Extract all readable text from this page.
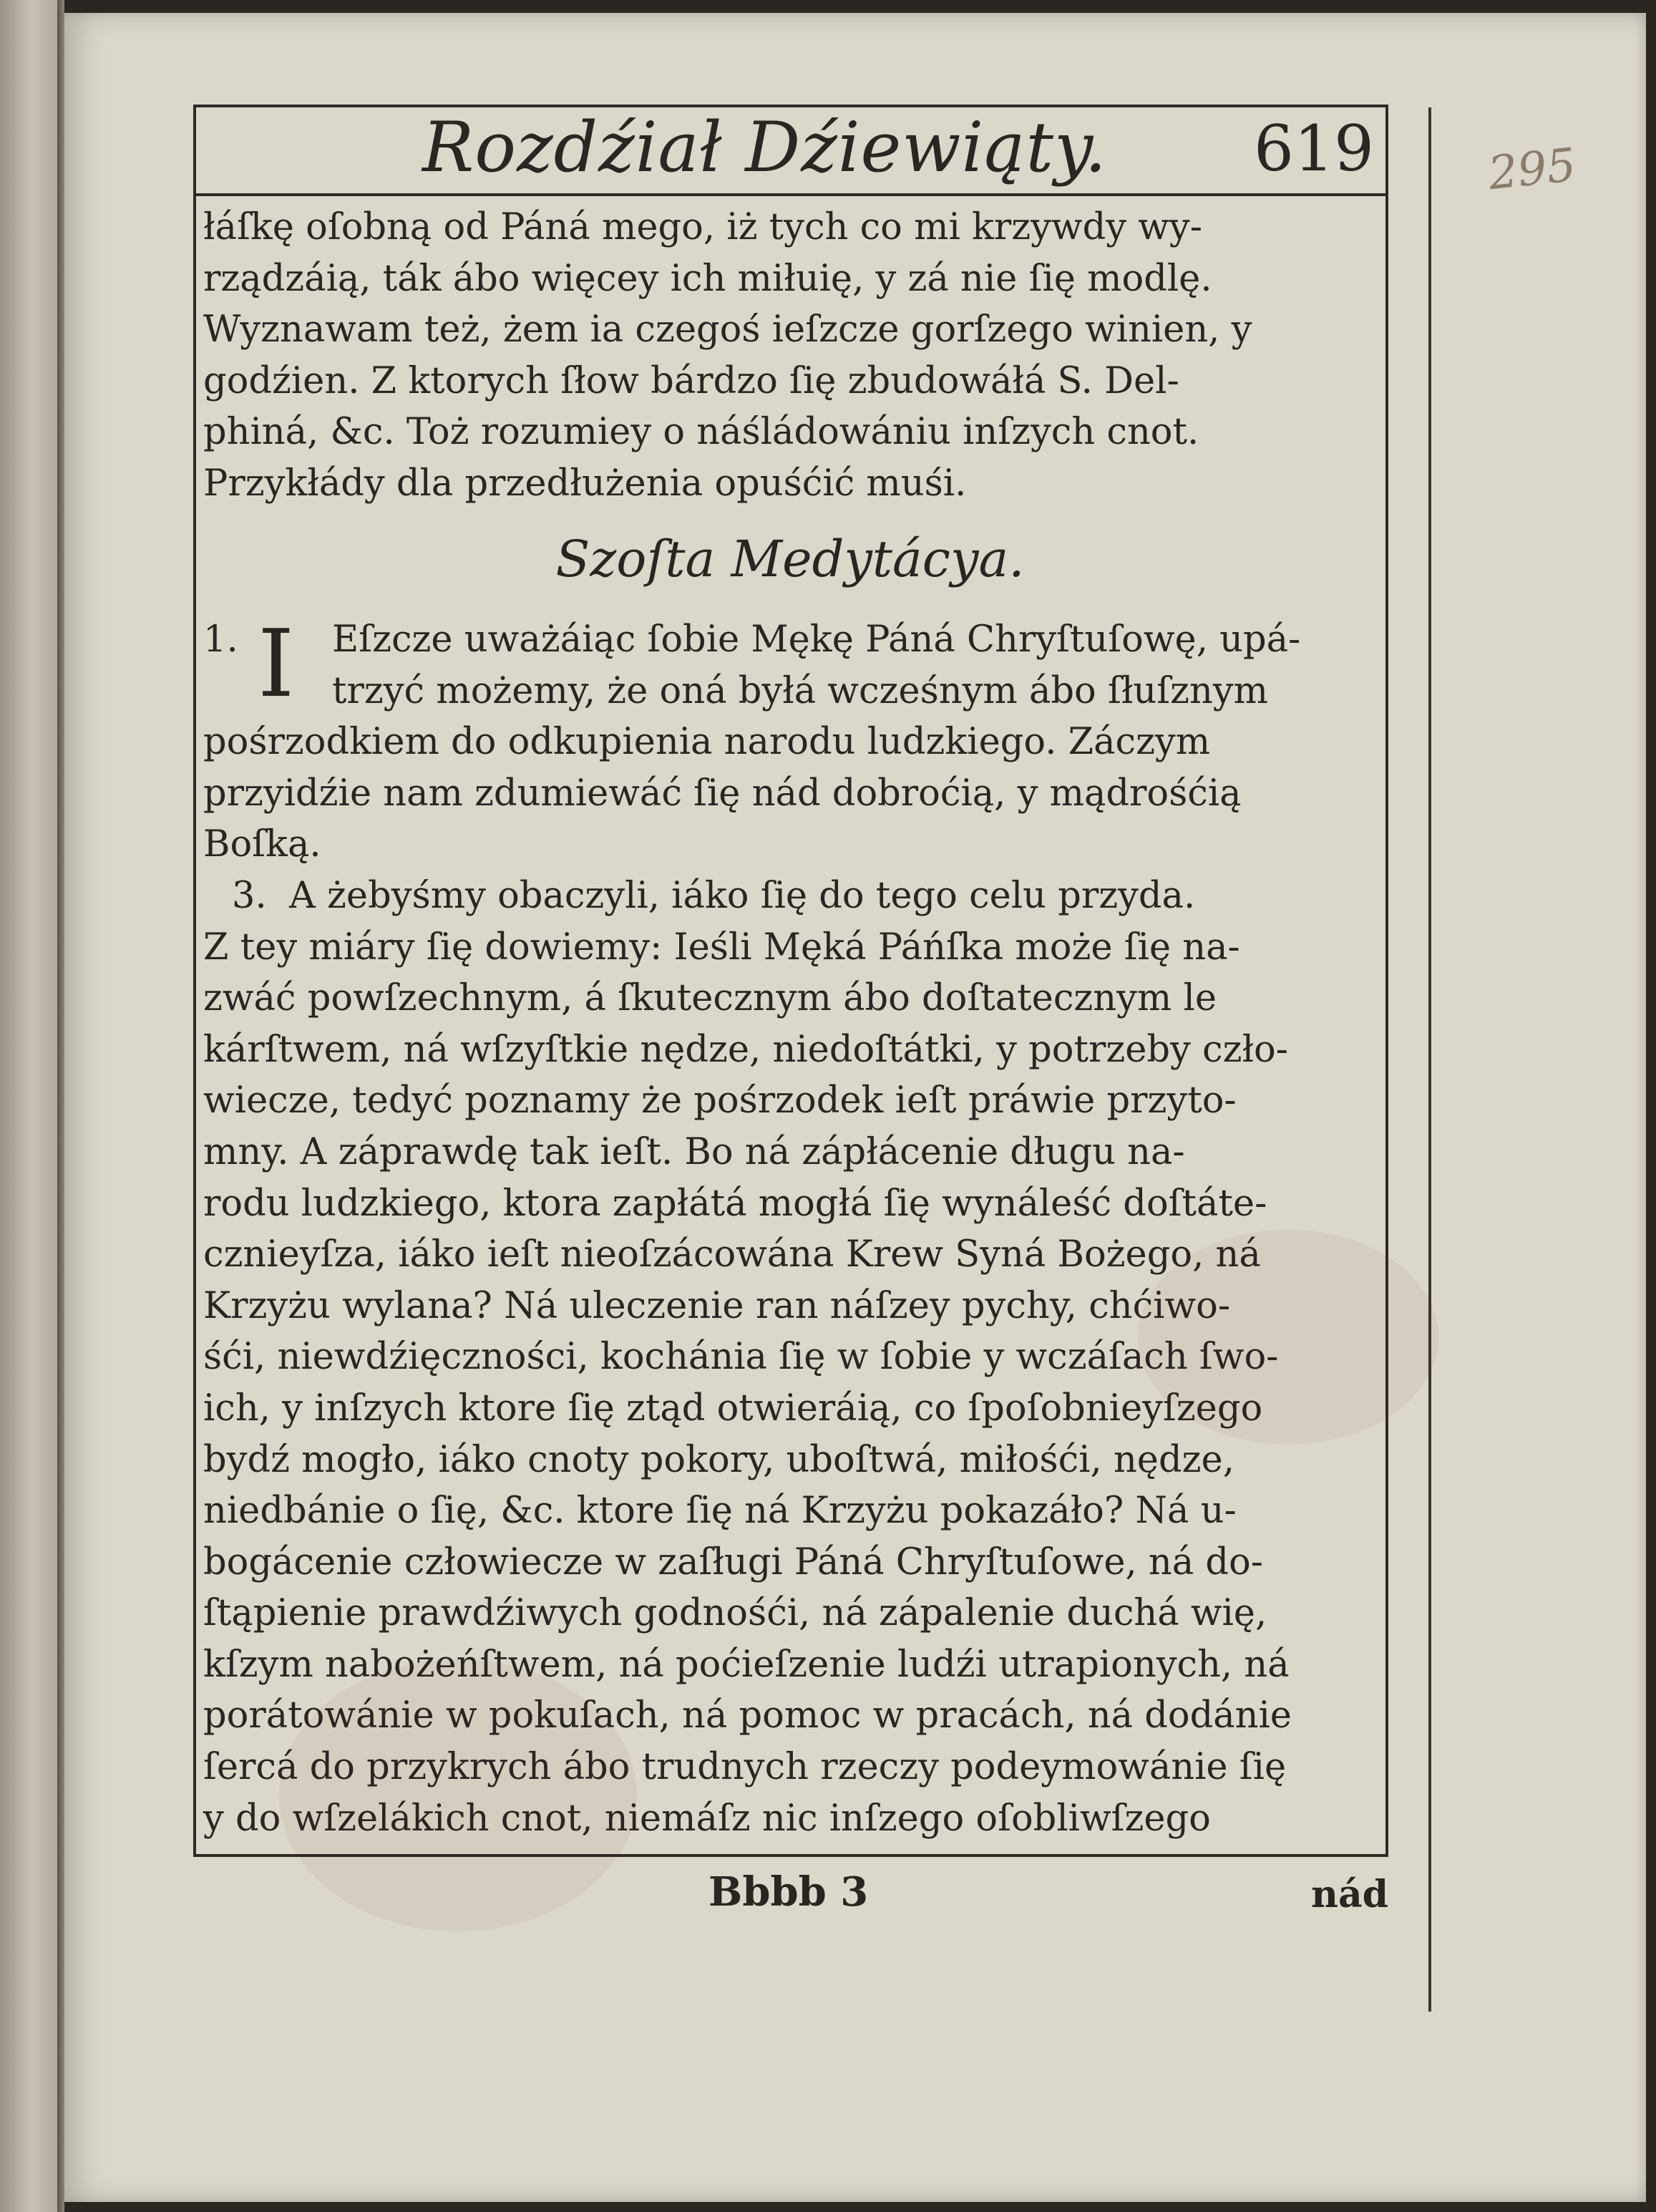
295
Rozdźiał Dźiewiąty. 619
łáſkę oſobną od Páná mego, iż tych co mi krzywdy wy-
rządzáią, ták ábo więcey ich miłuię, y zá nie ſię modlę.
Wyznawam też, żem ia czegoś ieſzcze gorſzego winien, y
godźien. Z ktorych ſłow bárdzo ſię zbudowáłá S. Del-
phiná, &c. Toż rozumiey o náśládowániu inſzych cnot.
Przykłády dla przedłużenia opuśćić muśi.
Szoſta Medytácya.
I
1.	Eſzcze uważáiąc ſobie Mękę Páná Chryſtuſowę, upá-
trzyć możemy, że oná byłá wcześnym ábo ſłuſznym
pośrzodkiem do odkupienia narodu ludzkiego. Záczym
przyidźie nam zdumiewáć ſię nád dobroćią, y mądrośćią
Boſką.
3. A żebyśmy obaczyli, iáko ſię do tego celu przyda.
Z tey miáry ſię dowiemy: Ieśli Męká Páńſka może ſię na-
zwáć powſzechnym, á ſkutecznym ábo doſtatecznym le
kárſtwem, ná wſzyſtkie nędze, niedoſtátki, y potrzeby czło-
wiecze, tedyć poznamy że pośrzodek ieſt práwie przyto-
mny. A záprawdę tak ieſt. Bo ná zápłácenie długu na-
rodu ludzkiego, ktora zapłátá mogłá ſię wynáleść doſtáte-
cznieyſza, iáko ieſt nieoſzácowána Krew Syná Bożego, ná
Krzyżu wylana? Ná uleczenie ran náſzey pychy, chćiwo-
śći, niewdźięczności, kochánia ſię w ſobie y wczáſach ſwo-
ich, y inſzych ktore ſię ztąd otwieráią, co ſpoſobnieyſzego
bydź mogło, iáko cnoty pokory, uboſtwá, miłośći, nędze,
niedbánie o ſię, &c. ktore ſię ná Krzyżu pokazáło? Ná u-
bogácenie człowiecze w zaſługi Páná Chryſtuſowe, ná do-
ſtąpienie prawdźiwych godnośći, ná zápalenie duchá wię,
kſzym nabożeńſtwem, ná poćieſzenie ludźi utrapionych, ná
porátowánie w pokuſach, ná pomoc w pracách, ná dodánie
ſercá do przykrych ábo trudnych rzeczy podeymowánie ſię
y do wſzelákich cnot, niemáſz nic inſzego oſobliwſzego
Bbbb 3	nád
